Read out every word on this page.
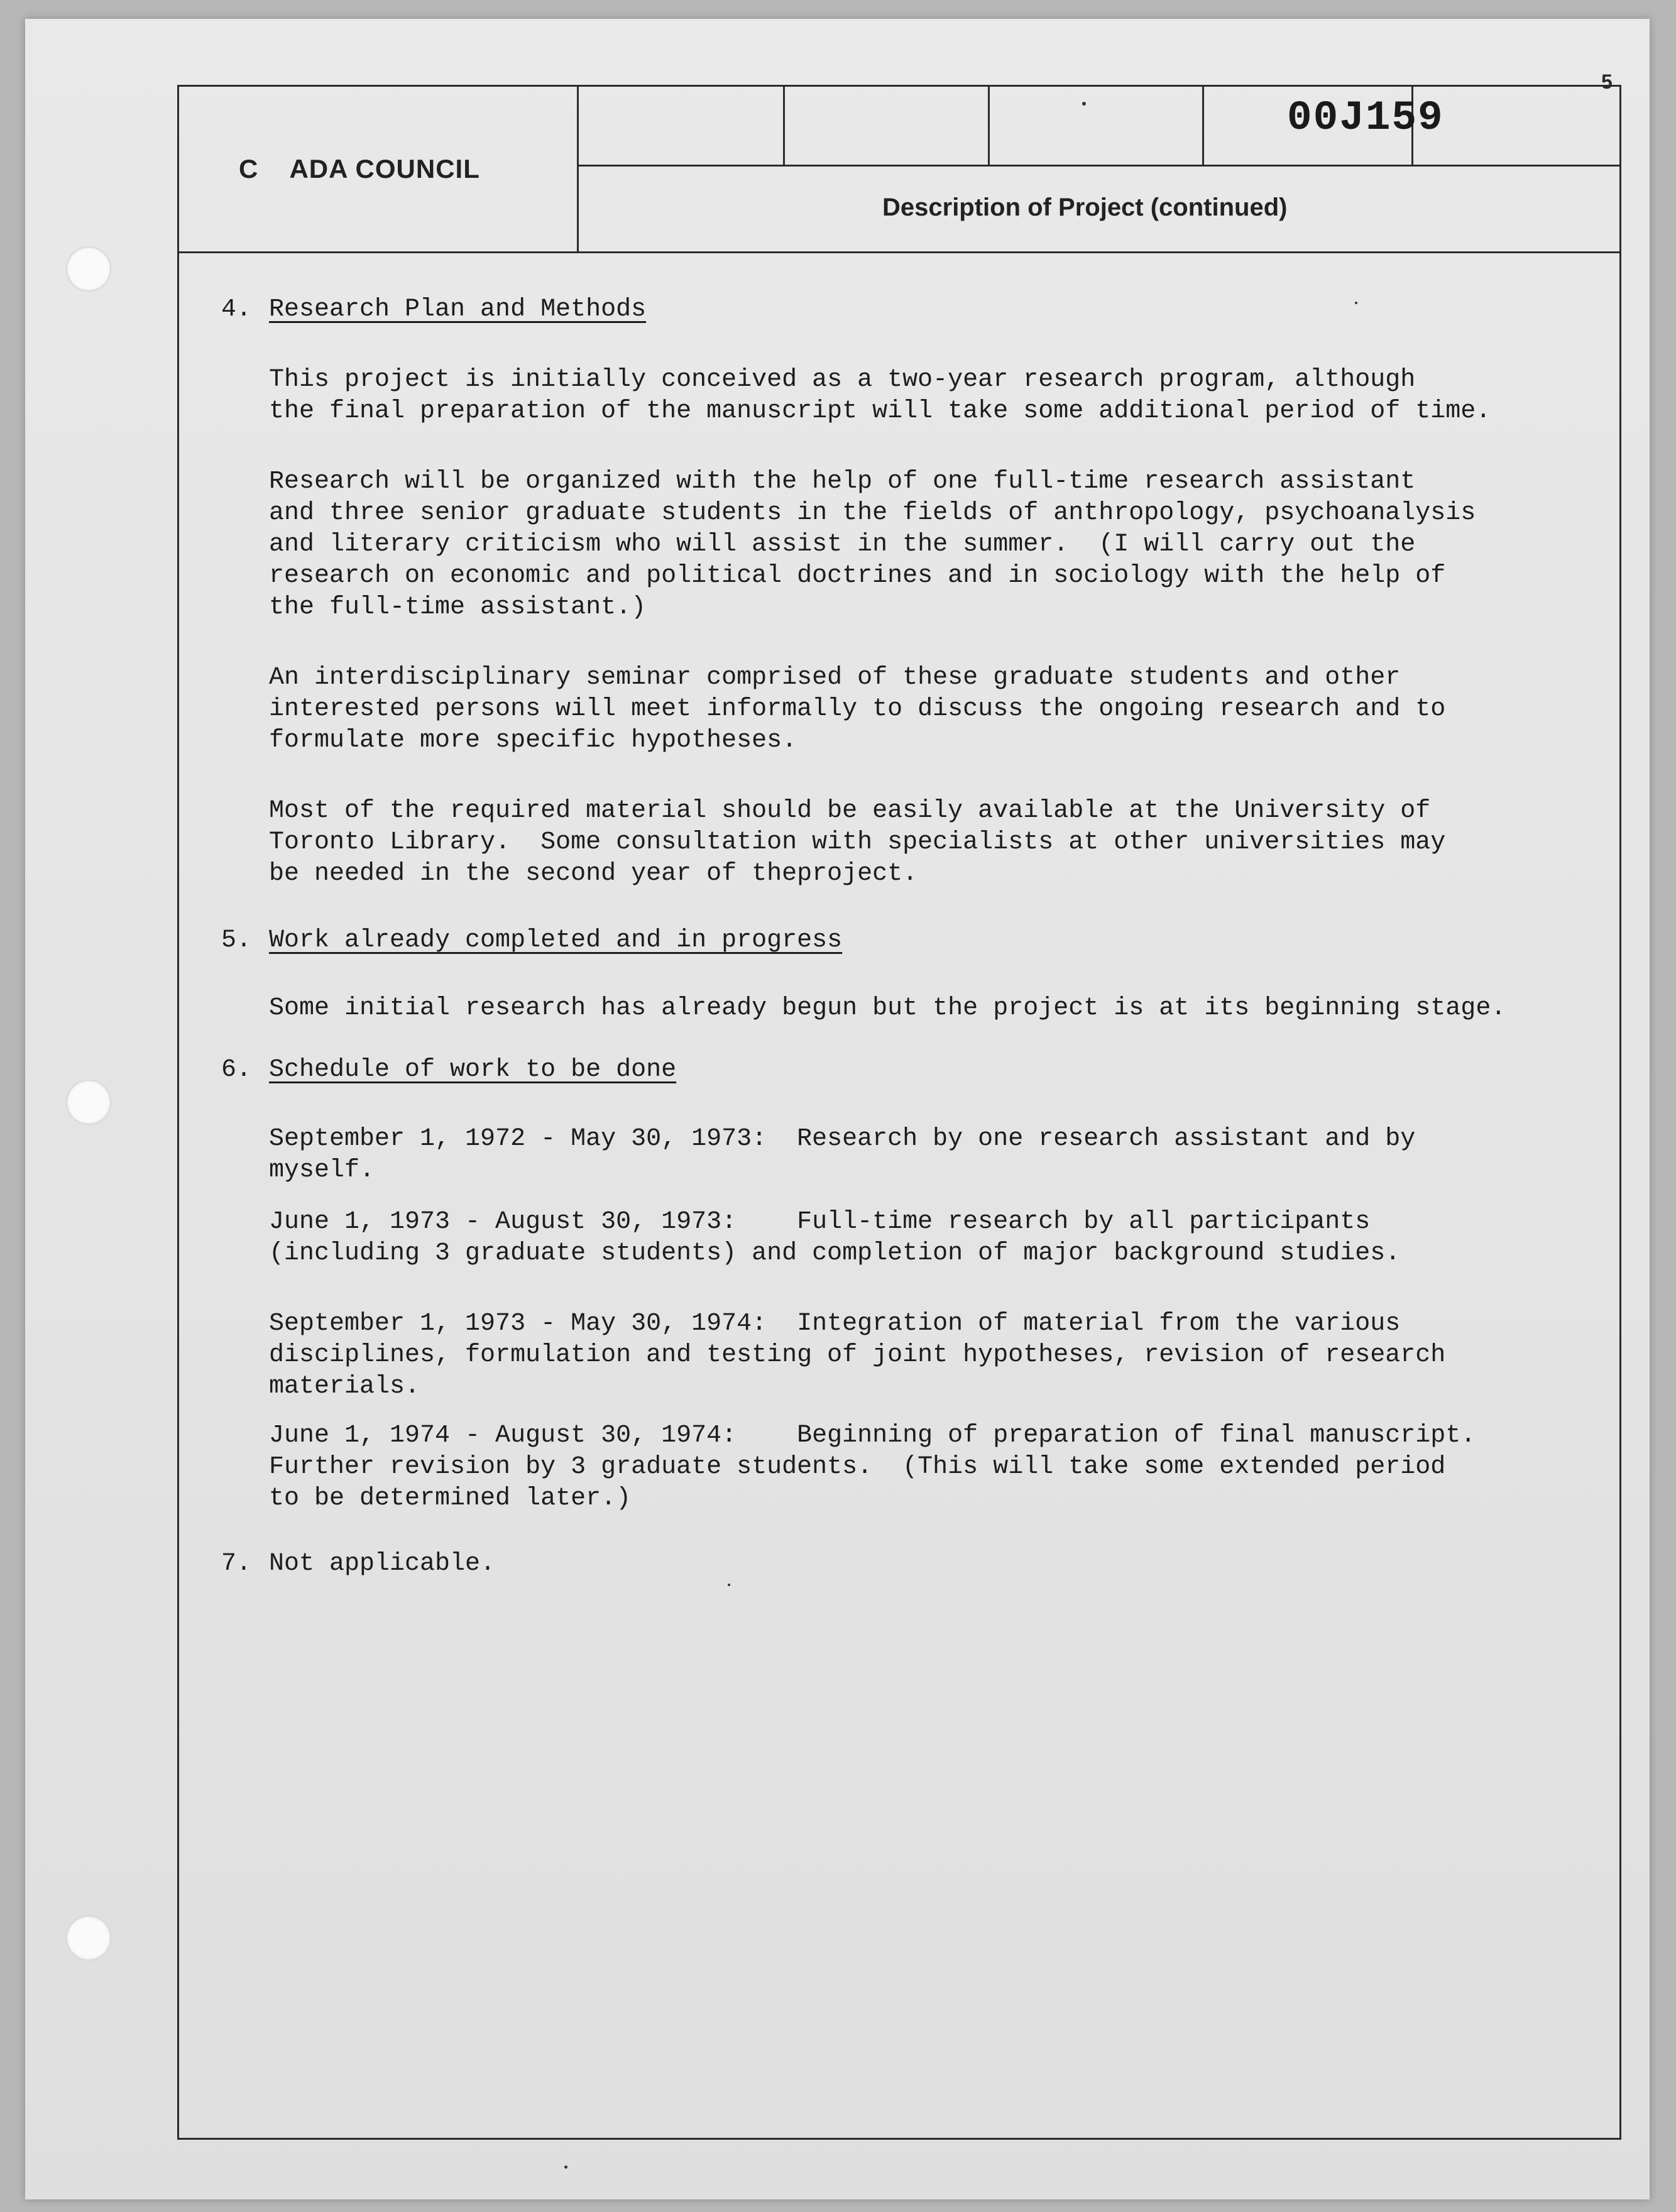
5
C    ADA COUNCIL
00J159
Description of Project (continued)
4. Research Plan and Methods
This project is initially conceived as a two-year research program, although
the final preparation of the manuscript will take some additional period of time.
Research will be organized with the help of one full-time research assistant
and three senior graduate students in the fields of anthropology, psychoanalysis
and literary criticism who will assist in the summer.  (I will carry out the
research on economic and political doctrines and in sociology with the help of
the full-time assistant.)
An interdisciplinary seminar comprised of these graduate students and other
interested persons will meet informally to discuss the ongoing research and to
formulate more specific hypotheses.
Most of the required material should be easily available at the University of
Toronto Library.  Some consultation with specialists at other universities may
be needed in the second year of theproject.
5. Work already completed and in progress
Some initial research has already begun but the project is at its beginning stage.
6. Schedule of work to be done
September 1, 1972 - May 30, 1973:  Research by one research assistant and by
myself.
June 1, 1973 - August 30, 1973:    Full-time research by all participants
(including 3 graduate students) and completion of major background studies.
September 1, 1973 - May 30, 1974:  Integration of material from the various
disciplines, formulation and testing of joint hypotheses, revision of research
materials.
June 1, 1974 - August 30, 1974:    Beginning of preparation of final manuscript.
Further revision by 3 graduate students.  (This will take some extended period
to be determined later.)
7. Not applicable.
